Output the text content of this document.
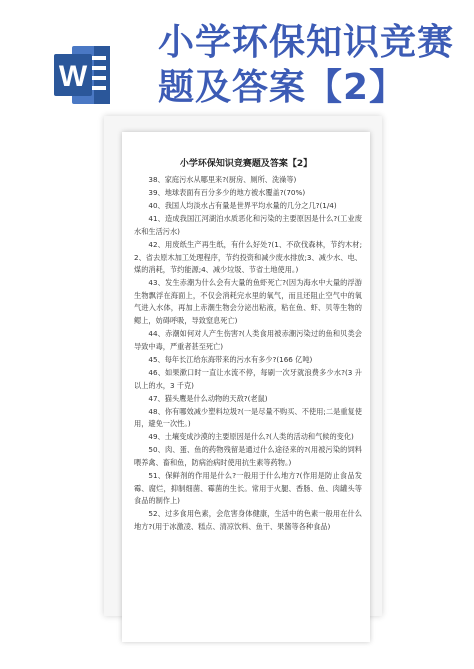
W
小学环保知识竞赛
题及答案【2】
小学环保知识竞赛题及答案【2】

38、家庭污水从哪里来?(厨房、厕所、洗澡等)

39、地球表面有百分多少的地方被水覆盖?(70%)

40、我国人均淡水占有量是世界平均水量的几分之几?(1/4)

41、造成我国江河湖泊水质恶化和污染的主要原因是什么?(工业废水和生活污水)

42、用废纸生产再生纸，有什么好处?(1、不砍伐森林，节约木材;2、省去原木加工处理程序，节约投资和减少废水排放;3、减少水、电、煤的消耗，节约能源;4、减少垃圾、节省土地使用。)

43、发生赤潮为什么会有大量的鱼虾死亡?(因为海水中大量的浮游生物飘浮在海面上，不仅会消耗完水里的氧气，而且还阻止空气中的氧气进入水体，再加上赤潮生物会分泌出粘液，粘在鱼、虾、贝等生物的鳃上，妨碍呼吸，导致窒息死亡)

44、赤潮如何对人产生伤害?(人类食用被赤潮污染过的鱼和贝类会导致中毒，严重者甚至死亡)

45、每年长江给东海带来的污水有多少?(166 亿吨)

46、如果漱口时一直让水流不停，每刷一次牙就浪费多少水?(3 升以上的水，3 千克)

47、猫头鹰是什么动物的天敌?(老鼠)

48、你有哪效减少塑料垃圾?(一是尽量不购买、不使用;二是重复使用，避免一次性。)

49、土壤变成沙漠的主要原因是什么?(人类的活动和气候的变化)

50、肉、蛋、鱼的药物残留是通过什么途径来的?(用被污染的饲料喂养禽、畜和鱼，防病治病时使用抗生素等药物。)

51、保鲜剂的作用是什么?一般用于什么地方?(作用是防止食品发霉、腐烂，抑制细菌、霉菌的生长。常用于火腿、香肠、鱼、肉罐头等食品的制作上)

52、过多食用色素，会危害身体健康，生活中的色素一般用在什么地方?(用于冰激凌、糕点、清凉饮料、鱼干、果酱等各种食品)
